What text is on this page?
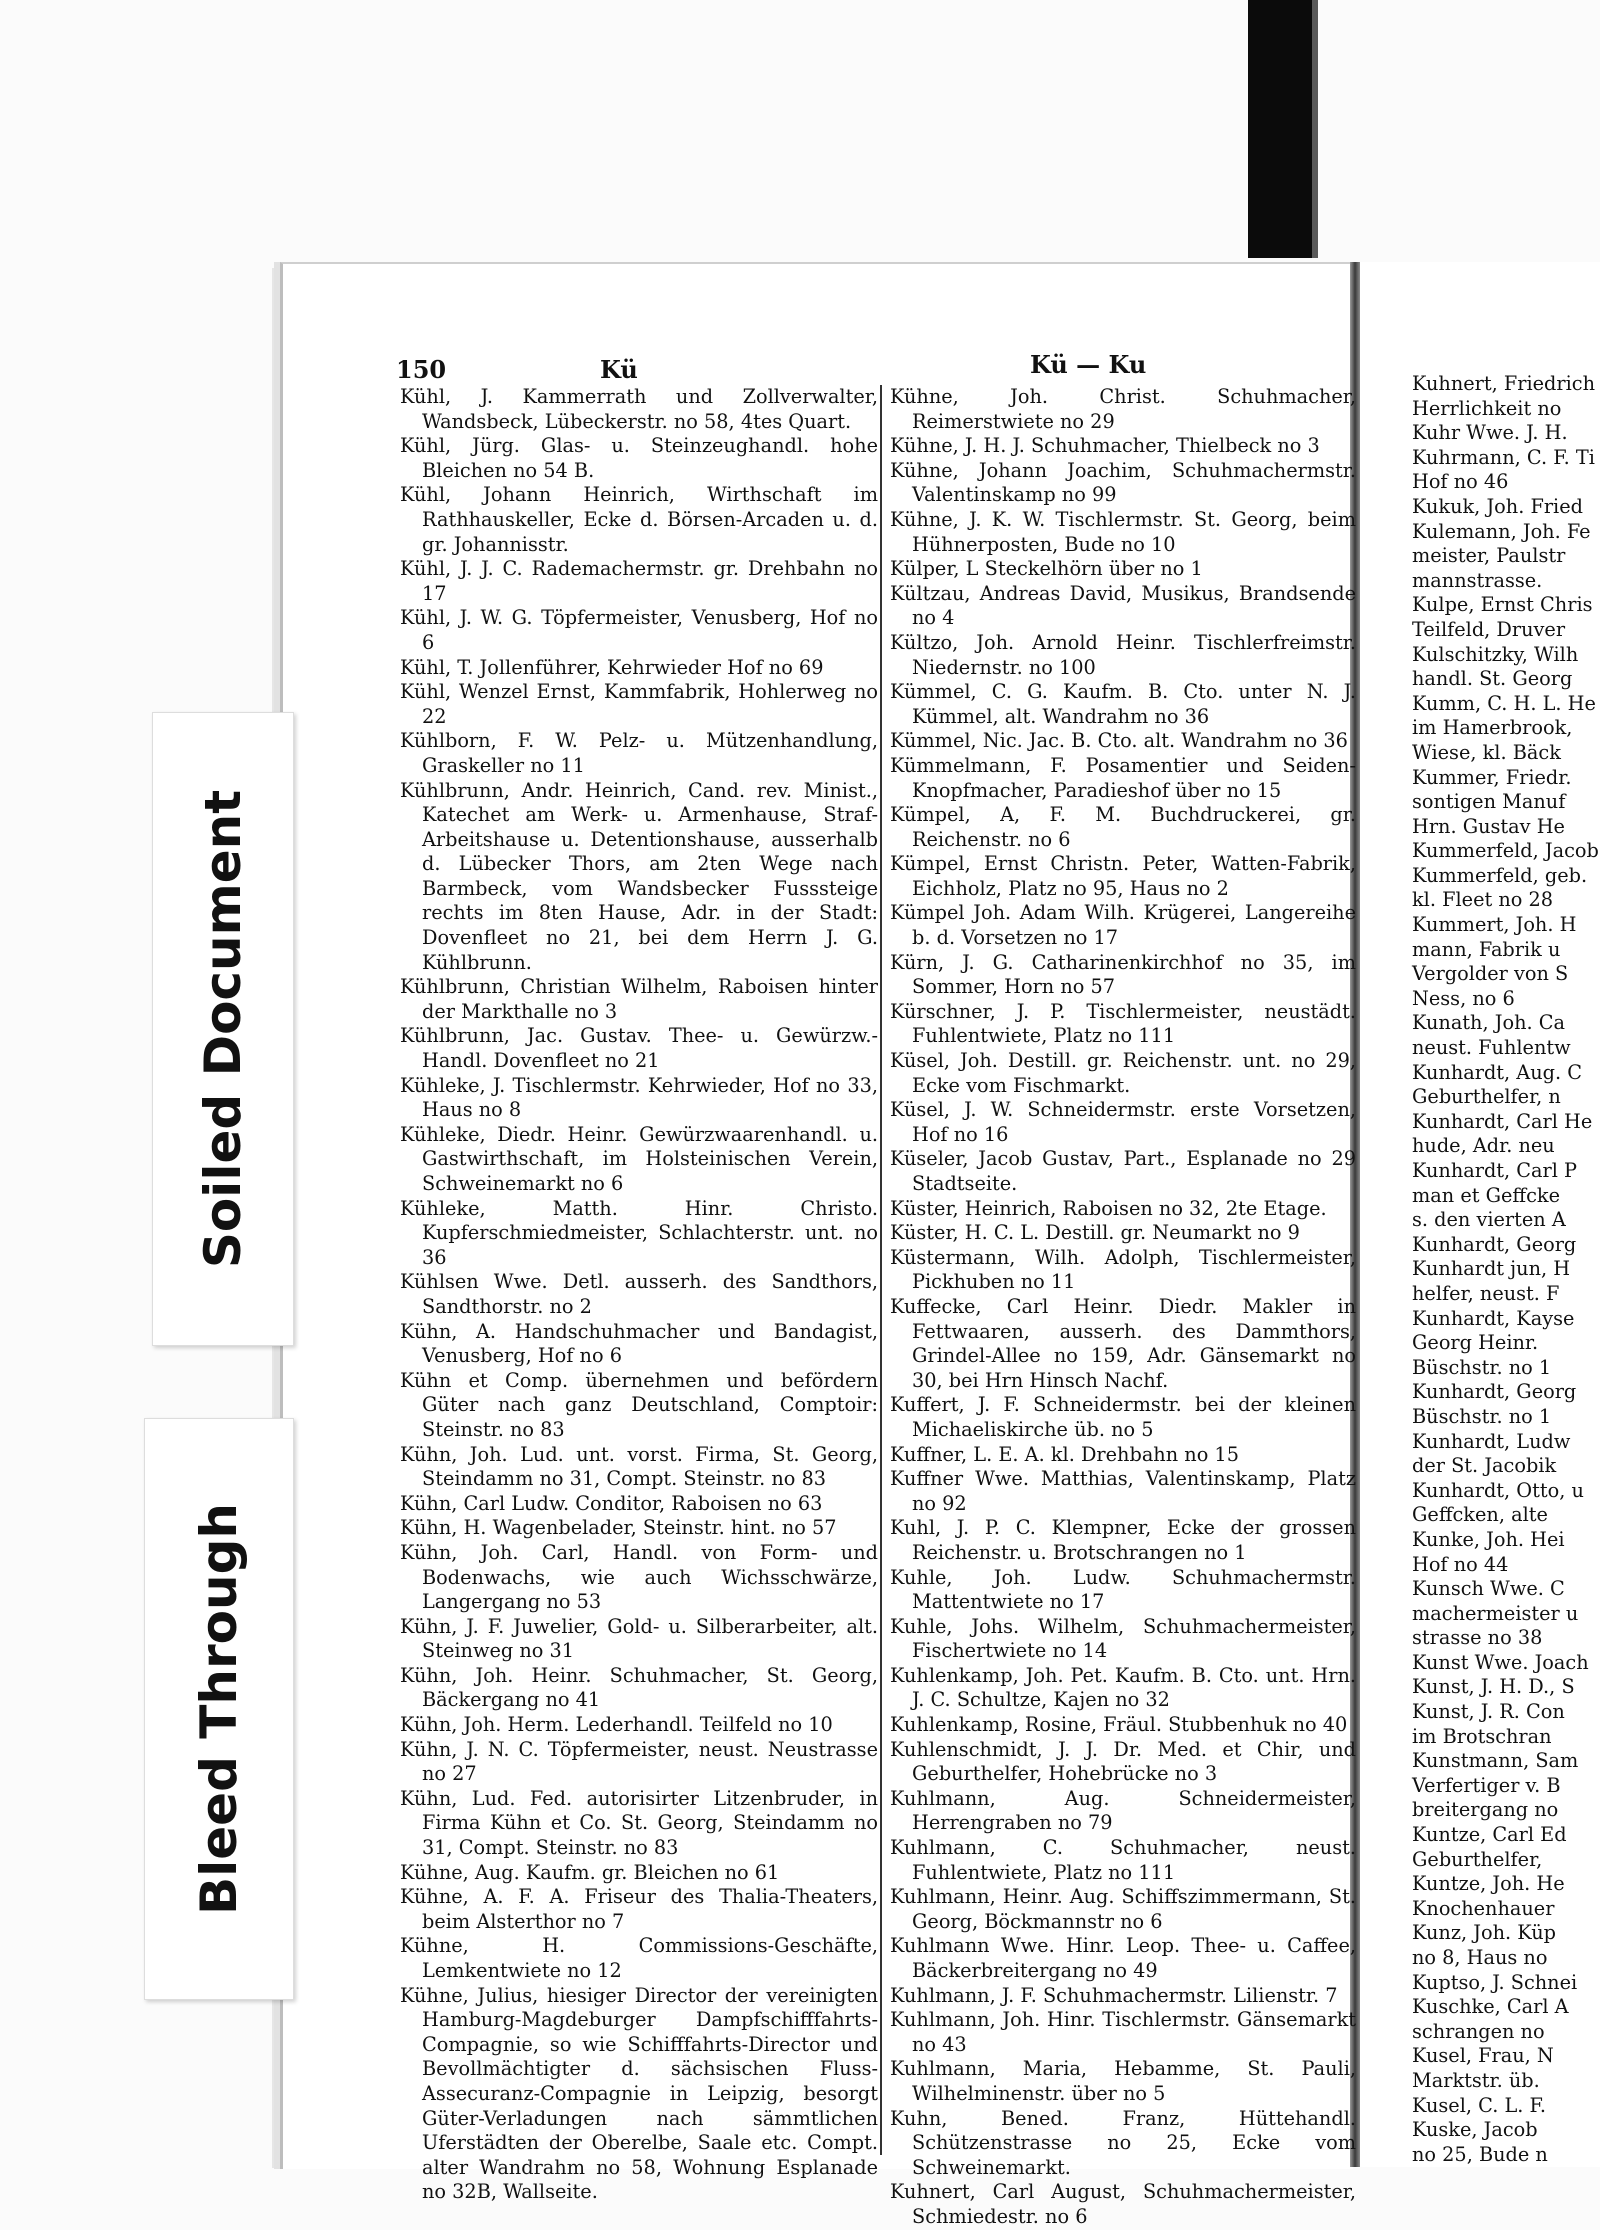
150	Kü	Kü — Ku

Kühl, J. Kammerrath und Zollverwalter, Wandsbeck, Lübeckerstr. no 58, 4tes Quart.

Kühl, Jürg. Glas- u. Steinzeughandl. hohe Bleichen no 54 B.

Kühl, Johann Heinrich, Wirthschaft im Rathhauskeller, Ecke d. Börsen-Arcaden u. d. gr. Johannisstr.

Kühl, J. J. C. Rademachermstr. gr. Drehbahn no 17

Kühl, J. W. G. Töpfermeister, Venusberg, Hof no 6

Kühl, T. Jollenführer, Kehrwieder Hof no 69

Kühl, Wenzel Ernst, Kammfabrik, Hohlerweg no 22

Kühlborn, F. W. Pelz- u. Mützenhandlung, Graskeller no 11

Kühlbrunn, Andr. Heinrich, Cand. rev. Minist., Katechet am Werk- u. Armenhause, Straf-Arbeitshause u. Detentionshause, ausserhalb d. Lübecker Thors, am 2ten Wege nach Barmbeck, vom Wandsbecker Fusssteige rechts im 8ten Hause, Adr. in der Stadt: Dovenfleet no 21, bei dem Herrn J. G. Kühlbrunn.

Kühlbrunn, Christian Wilhelm, Raboisen hinter der Markthalle no 3

Kühlbrunn, Jac. Gustav. Thee- u. Gewürzw.-Handl. Dovenfleet no 21

Kühleke, J. Tischlermstr. Kehrwieder, Hof no 33, Haus no 8

Kühleke, Diedr. Heinr. Gewürzwaarenhandl. u. Gastwirthschaft, im Holsteinischen Verein, Schweinemarkt no 6

Kühleke, Matth. Hinr. Christo. Kupferschmiedmeister, Schlachterstr. unt. no 36

Kühlsen Wwe. Detl. ausserh. des Sandthors, Sandthorstr. no 2

Kühn, A. Handschuhmacher und Bandagist, Venusberg, Hof no 6

Kühn et Comp. übernehmen und befördern Güter nach ganz Deutschland, Comptoir: Steinstr. no 83

Kühn, Joh. Lud. unt. vorst. Firma, St. Georg, Steindamm no 31, Compt. Steinstr. no 83

Kühn, Carl Ludw. Conditor, Raboisen no 63

Kühn, H. Wagenbelader, Steinstr. hint. no 57

Kühn, Joh. Carl, Handl. von Form- und Bodenwachs, wie auch Wichsschwärze, Langergang no 53

Kühn, J. F. Juwelier, Gold- u. Silberarbeiter, alt. Steinweg no 31

Kühn, Joh. Heinr. Schuhmacher, St. Georg, Bäckergang no 41

Kühn, Joh. Herm. Lederhandl. Teilfeld no 10

Kühn, J. N. C. Töpfermeister, neust. Neustrasse no 27

Kühn, Lud. Fed. autorisirter Litzenbruder, in Firma Kühn et Co. St. Georg, Steindamm no 31, Compt. Steinstr. no 83

Kühne, Aug. Kaufm. gr. Bleichen no 61

Kühne, A. F. A. Friseur des Thalia-Theaters, beim Alsterthor no 7

Kühne, H. Commissions-Geschäfte, Lemkentwiete no 12

Kühne, Julius, hiesiger Director der vereinigten Hamburg-Magdeburger Dampfschifffahrts-Compagnie, so wie Schifffahrts-Director und Bevollmächtigter d. sächsischen Fluss-Assecuranz-Compagnie in Leipzig, besorgt Güter-Verladungen nach sämmtlichen Uferstädten der Oberelbe, Saale etc. Compt. alter Wandrahm no 58, Wohnung Esplanade no 32B, Wallseite.

Kühne, Joh. Christ. Schuhmacher, Reimerstwiete no 29

Kühne, J. H. J. Schuhmacher, Thielbeck no 3

Kühne, Johann Joachim, Schuhmachermstr. Valentinskamp no 99

Kühne, J. K. W. Tischlermstr. St. Georg, beim Hühnerposten, Bude no 10

Külper, L Steckelhörn über no 1

Kültzau, Andreas David, Musikus, Brandsende no 4

Kültzo, Joh. Arnold Heinr. Tischlerfreimstr. Niedernstr. no 100

Kümmel, C. G. Kaufm. B. Cto. unter N. J. Kümmel, alt. Wandrahm no 36

Kümmel, Nic. Jac. B. Cto. alt. Wandrahm no 36

Kümmelmann, F. Posamentier und Seiden-Knopfmacher, Paradieshof über no 15

Kümpel, A, F. M. Buchdruckerei, gr. Reichenstr. no 6

Kümpel, Ernst Christn. Peter, Watten-Fabrik, Eichholz, Platz no 95, Haus no 2

Kümpel Joh. Adam Wilh. Krügerei, Langereihe b. d. Vorsetzen no 17

Kürn, J. G. Catharinenkirchhof no 35, im Sommer, Horn no 57

Kürschner, J. P. Tischlermeister, neustädt. Fuhlentwiete, Platz no 111

Küsel, Joh. Destill. gr. Reichenstr. unt. no 29, Ecke vom Fischmarkt.

Küsel, J. W. Schneidermstr. erste Vorsetzen, Hof no 16

Küseler, Jacob Gustav, Part., Esplanade no 29 Stadtseite.

Küster, Heinrich, Raboisen no 32, 2te Etage.

Küster, H. C. L. Destill. gr. Neumarkt no 9

Küstermann, Wilh. Adolph, Tischlermeister, Pickhuben no 11

Kuffecke, Carl Heinr. Diedr. Makler in Fettwaaren, ausserh. des Dammthors, Grindel-Allee no 159, Adr. Gänsemarkt no 30, bei Hrn Hinsch Nachf.

Kuffert, J. F. Schneidermstr. bei der kleinen Michaeliskirche üb. no 5

Kuffner, L. E. A. kl. Drehbahn no 15

Kuffner Wwe. Matthias, Valentinskamp, Platz no 92

Kuhl, J. P. C. Klempner, Ecke der grossen Reichenstr. u. Brotschrangen no 1

Kuhle, Joh. Ludw. Schuhmachermstr. Mattentwiete no 17

Kuhle, Johs. Wilhelm, Schuhmachermeister, Fischertwiete no 14

Kuhlenkamp, Joh. Pet. Kaufm. B. Cto. unt. Hrn. J. C. Schultze, Kajen no 32

Kuhlenkamp, Rosine, Fräul. Stubbenhuk no 40

Kuhlenschmidt, J. J. Dr. Med. et Chir, und Geburthelfer, Hohebrücke no 3

Kuhlmann, Aug. Schneidermeister, Herrengraben no 79

Kuhlmann, C. Schuhmacher, neust. Fuhlentwiete, Platz no 111

Kuhlmann, Heinr. Aug. Schiffszimmermann, St. Georg, Böckmannstr no 6

Kuhlmann Wwe. Hinr. Leop. Thee- u. Caffee, Bäckerbreitergang no 49

Kuhlmann, J. F. Schuhmachermstr. Lilienstr. 7

Kuhlmann, Joh. Hinr. Tischlermstr. Gänsemarkt no 43

Kuhlmann, Maria, Hebamme, St. Pauli, Wilhelminenstr. über no 5

Kuhn, Bened. Franz, Hüttehandl. Schützenstrasse no 25, Ecke vom Schweinemarkt.

Kuhnert, Carl August, Schuhmachermeister, Schmiedestr. no 6

Kuhnert, Friedrich

Herrlichkeit no

Kuhr Wwe. J. H.

Kuhrmann, C. F. Ti

Hof no 46

Kukuk, Joh. Fried

Kulemann, Joh. Fe

meister, Paulstr

mannstrasse.

Kulpe, Ernst Chris

Teilfeld, Druver

Kulschitzky, Wilh

handl. St. Georg

Kumm, C. H. L. He

im Hamerbrook,

Wiese, kl. Bäck

Kummer, Friedr.

sontigen Manuf

Hrn. Gustav He

Kummerfeld, Jacob

Kummerfeld, geb.

kl. Fleet no 28

Kummert, Joh. H

mann, Fabrik u

Vergolder von S

Ness, no 6

Kunath, Joh. Ca

neust. Fuhlentw

Kunhardt, Aug. C

Geburthelfer, n

Kunhardt, Carl He

hude, Adr. neu

Kunhardt, Carl P

man et Geffcke

s. den vierten A

Kunhardt, Georg

Kunhardt jun, H

helfer, neust. F

Kunhardt, Kayse

Georg Heinr.

Büschstr. no 1

Kunhardt, Georg

Büschstr. no 1

Kunhardt, Ludw

der St. Jacobik

Kunhardt, Otto, u

Geffcken, alte

Kunke, Joh. Hei

Hof no 44

Kunsch Wwe. C

machermeister u

strasse no 38

Kunst Wwe. Joach

Kunst, J. H. D., S

Kunst, J. R. Con

im Brotschran

Kunstmann, Sam

Verfertiger v. B

breitergang no

Kuntze, Carl Ed

Geburthelfer,

Kuntze, Joh. He

Knochenhauer

Kunz, Joh. Küp

no 8, Haus no

Kuptso, J. Schnei

Kuschke, Carl A

schrangen no

Kusel, Frau, N

Marktstr. üb.

Kusel, C. L. F.

Kuske, Jacob

no 25, Bude n

Soiled Document
Bleed Through
